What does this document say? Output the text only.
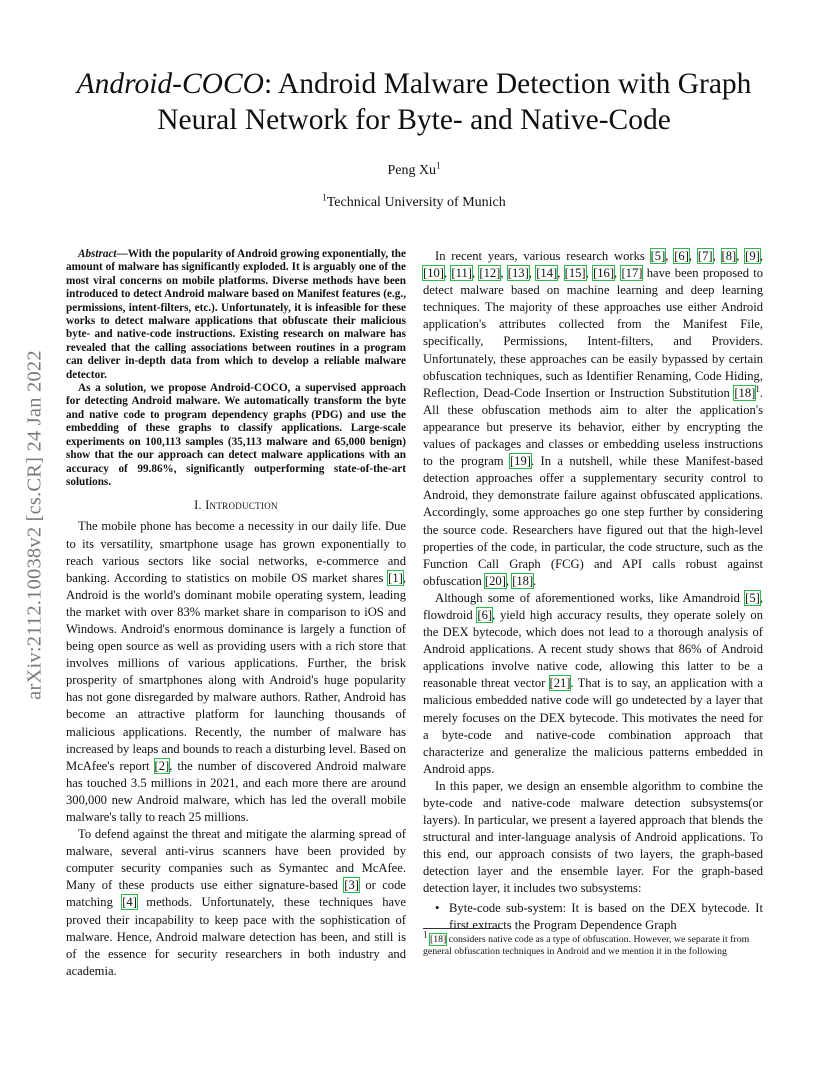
arXiv:2112.10038v2 [cs.CR] 24 Jan 2022
Android-COCO: Android Malware Detection with Graph Neural Network for Byte- and Native-Code
Peng Xu$^1$
$^1$Technical University of Munich

Abstract—With the popularity of Android growing exponentially, the amount of malware has significantly exploded. It is arguably one of the most viral concerns on mobile platforms. Diverse methods have been introduced to detect Android malware based on Manifest features (e.g., permissions, intent-filters, etc.). Unfortunately, it is infeasible for these works to detect malware applications that obfuscate their malicious byte- and native-code instructions. Existing research on malware has revealed that the calling associations between routines in a program can deliver in-depth data from which to develop a reliable malware detector.

As a solution, we propose Android-COCO, a supervised approach for detecting Android malware. We automatically transform the byte and native code to program dependency graphs (PDG) and use the embedding of these graphs to classify applications. Large-scale experiments on 100,113 samples (35,113 malware and 65,000 benign) show that the our approach can detect malware applications with an accuracy of 99.86%, significantly outperforming state-of-the-art solutions.

I. Introduction

The mobile phone has become a necessity in our daily life. Due to its versatility, smartphone usage has grown exponentially to reach various sectors like social networks, e-commerce and banking. According to statistics on mobile OS market shares [1], Android is the world's dominant mobile operating system, leading the market with over 83% market share in comparison to iOS and Windows. Android's enormous dominance is largely a function of being open source as well as providing users with a rich store that involves millions of various applications. Further, the brisk prosperity of smartphones along with Android's huge popularity has not gone disregarded by malware authors. Rather, Android has become an attractive platform for launching thousands of malicious applications. Recently, the number of malware has increased by leaps and bounds to reach a disturbing level. Based on McAfee's report [2], the number of discovered Android malware has touched 3.5 millions in 2021, and each more there are around 300,000 new Android malware, which has led the overall mobile malware's tally to reach 25 millions.

To defend against the threat and mitigate the alarming spread of malware, several anti-virus scanners have been provided by computer security companies such as Symantec and McAfee. Many of these products use either signature-based [3] or code matching [4] methods. Unfortunately, these techniques have proved their incapability to keep pace with the sophistication of malware. Hence, Android malware detection has been, and still is of the essence for security researchers in both industry and academia.

In recent years, various research works [5], [6], [7], [8], [9], [10], [11], [12], [13], [14], [15], [16], [17] have been proposed to detect malware based on machine learning and deep learning techniques. The majority of these approaches use either Android application's attributes collected from the Manifest File, specifically, Permissions, Intent-filters, and Providers. Unfortunately, these approaches can be easily bypassed by certain obfuscation techniques, such as Identifier Renaming, Code Hiding, Reflection, Dead-Code Insertion or Instruction Substitution $[18]^1$. All these obfuscation methods aim to alter the application's appearance but preserve its behavior, either by encrypting the values of packages and classes or embedding useless instructions to the program [19]. In a nutshell, while these Manifest-based detection approaches offer a supplementary security control to Android, they demonstrate failure against obfuscated applications. Accordingly, some approaches go one step further by considering the source code. Researchers have figured out that the high-level properties of the code, in particular, the code structure, such as the Function Call Graph (FCG) and API calls robust against obfuscation [20], [18].

Although some of aforementioned works, like Amandroid [5], flowdroid [6], yield high accuracy results, they operate solely on the DEX bytecode, which does not lead to a thorough analysis of Android applications. A recent study shows that 86% of Android applications involve native code, allowing this latter to be a reasonable threat vector [21]. That is to say, an application with a malicious embedded native code will go undetected by a layer that merely focuses on the DEX bytecode. This motivates the need for a byte-code and native-code combination approach that characterize and generalize the malicious patterns embedded in Android apps.

In this paper, we design an ensemble algorithm to combine the byte-code and native-code malware detection subsystems(or layers). In particular, we present a layered approach that blends the structural and inter-language analysis of Android applications. To this end, our approach consists of two layers, the graph-based detection layer and the ensemble layer. For the graph-based detection layer, it includes two subsystems:

• Byte-code sub-system: It is based on the DEX bytecode. It first extracts the Program Dependence Graph
$^1$ [18] considers native code as a type of obfuscation. However, we separate it from general obfuscation techniques in Android and we mention it in the following
